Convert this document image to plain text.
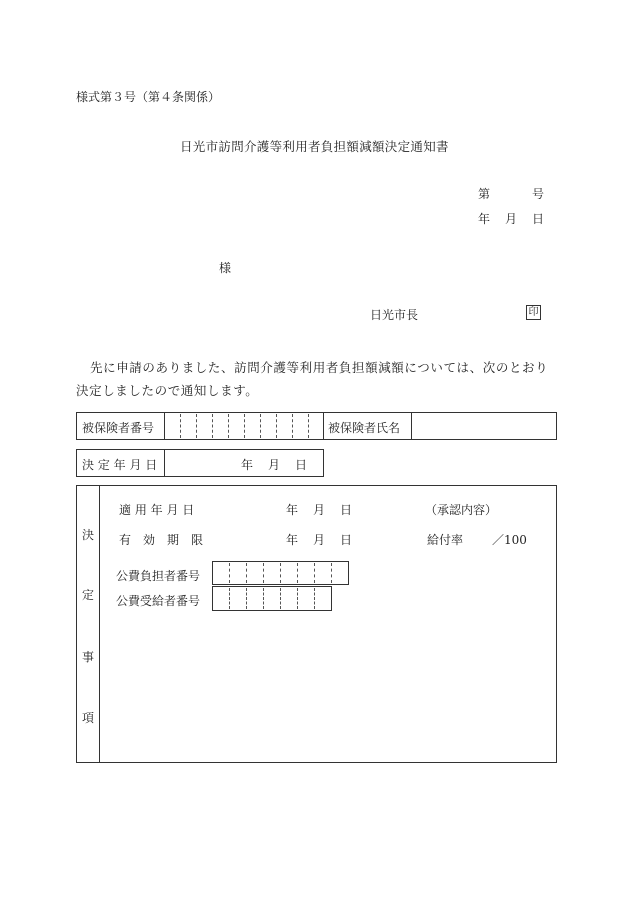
様式第３号（第４条関係）
日光市訪問介護等利用者負担額減額決定通知書
第	号
年 月 日
様
日光市長	印
先に申請のありました、訪問介護等利用者負担額減額については、次のとおり
決定しましたので通知します。
被保険者番号	被保険者氏名
決 定 年 月 日	年 月 日
決
定
事
項
適 用 年 月 日	年 月 日	（承認内容）
有　効　期　限	年 月 日	給付率 ／100
公費負担者番号
公費受給者番号
